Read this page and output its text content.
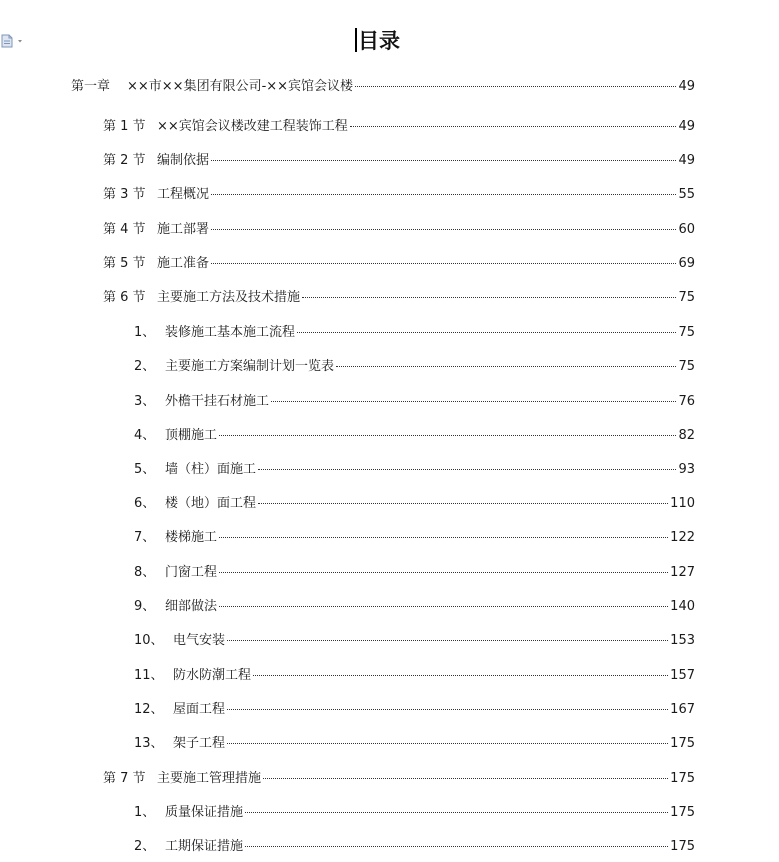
目录
第一章	××市××集团有限公司-××宾馆会议楼	49
第 1 节 ××宾馆会议楼改建工程装饰工程	49
第 2 节 编制依据	49
第 3 节 工程概况	55
第 4 节 施工部署	60
第 5 节 施工准备	69
第 6 节 主要施工方法及技术措施	75
1、 装修施工基本施工流程	75
2、 主要施工方案编制计划一览表	75
3、 外檐干挂石材施工	76
4、 顶棚施工	82
5、 墙（柱）面施工	93
6、 楼（地）面工程	110
7、 楼梯施工	122
8、 门窗工程	127
9、 细部做法	140
10、 电气安装	153
11、 防水防潮工程	157
12、 屋面工程	167
13、 架子工程	175
第 7 节 主要施工管理措施	175
1、 质量保证措施	175
2、 工期保证措施	175
